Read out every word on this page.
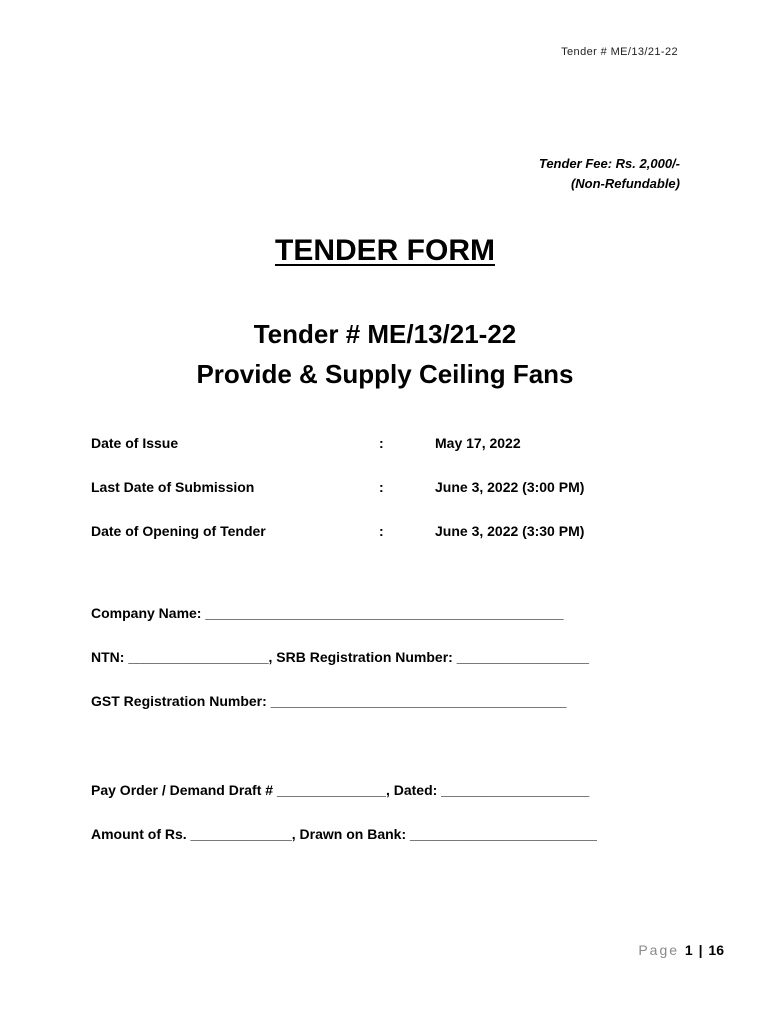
Tender # ME/13/21-22
Tender Fee: Rs. 2,000/-
(Non-Refundable)
TENDER FORM
Tender # ME/13/21-22
Provide & Supply Ceiling Fans
Date of Issue	:	May 17, 2022
Last Date of Submission	:	June 3, 2022 (3:00 PM)
Date of Opening of Tender	:	June 3, 2022 (3:30 PM)
Company Name: ______________________________________________
NTN: __________________, SRB Registration Number: _________________
GST Registration Number: ______________________________________
Pay Order / Demand Draft # ______________, Dated: ___________________
Amount of Rs. _____________, Drawn on Bank: ________________________
Page 1 | 16
